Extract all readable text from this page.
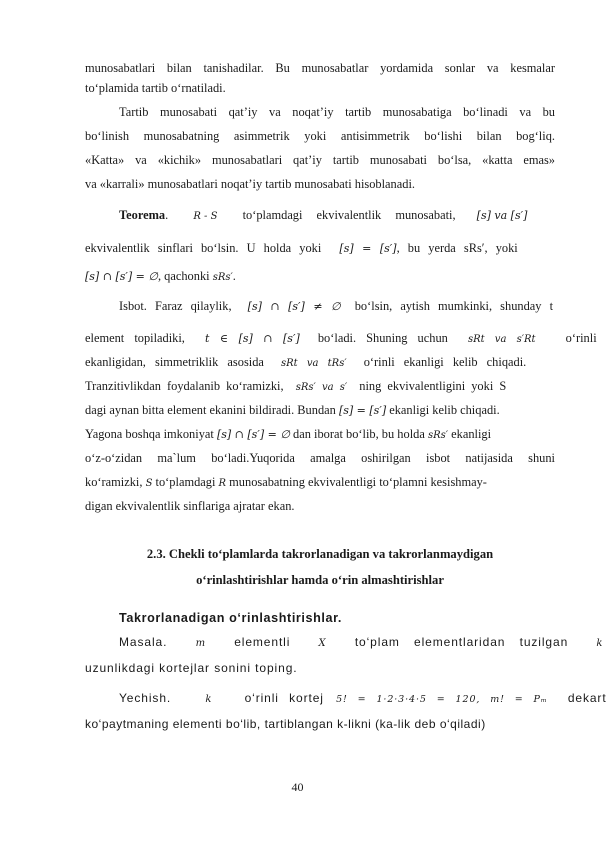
munosabatlari bilan tanishadilar. Bu munosabatlar yordamida sonlar va kesmalar
to‘plamida tartib o‘rnatiladi.
Tartib munosabati qat’iy va noqat’iy tartib munosabatiga bo‘linadi va bu
bo‘linish munosabatning asimmetrik yoki antisimmetrik bo‘lishi bilan bog‘liq.
«Katta» va «kichik» munosabatlari qat’iy tartib munosabati bo‘lsa, «katta emas»
va «karrali» munosabatlari noqat’iy tartib munosabati hisoblanadi.
Teorema.	R - S to‘plamdagi ekvivalentlik munosabati, [s] va [s′]
ekvivalentlik sinflari bo‘lsin. U holda yoki [s] = [s′], bu yerda sRs′, yoki
[s] ∩ [s′] = ∅, qachonki sRs′.
Isbot. Faraz qilaylik, [s] ∩ [s′] ≠ ∅ bo‘lsin, aytish mumkinki, shunday t
element topiladiki, t ∈ [s] ∩ [s′] bo‘ladi. Shuning uchun sRt va s′Rt o‘rinli
ekanligidan, simmetriklik asosida sRt va tRs′ o‘rinli ekanligi kelib chiqadi.
Tranzitivlikdan foydalanib ko‘ramizki, sRs′ va s′ ning ekvivalentligini yoki S
dagi aynan bitta element ekanini bildiradi. Bundan [s] = [s′] ekanligi kelib chiqadi.
Yagona boshqa imkoniyat [s] ∩ [s′] = ∅ dan iborat bo‘lib, bu holda sRs′ ekanligi
o‘z-o‘zidan ma`lum bo‘ladi.Yuqorida amalga oshirilgan isbot natijasida shuni
ko‘ramizki, S to‘plamdagi R munosabatning ekvivalentligi to‘plamni kesishmay-
digan ekvivalentlik sinflariga ajratar ekan.
2.3. Chekli to‘plamlarda takrorlanadigan va takrorlanmaydigan
o‘rinlashtirishlar hamda o‘rin almashtirishlar
Takrorlanadigan o‘rinlashtirishlar.
Masala.	m elementli	X to‘plam elementlaridan tuzilgan	k
uzunlikdagi kortejlar sonini toping.
Yechish.	k	o‘rinli kortej 5! = 1·2·3·4·5 = 120, m! = Pₘ dekart
ko‘paytmaning elementi bo‘lib, tartiblangan k-likni (ka-lik deb o‘qiladi)
40
